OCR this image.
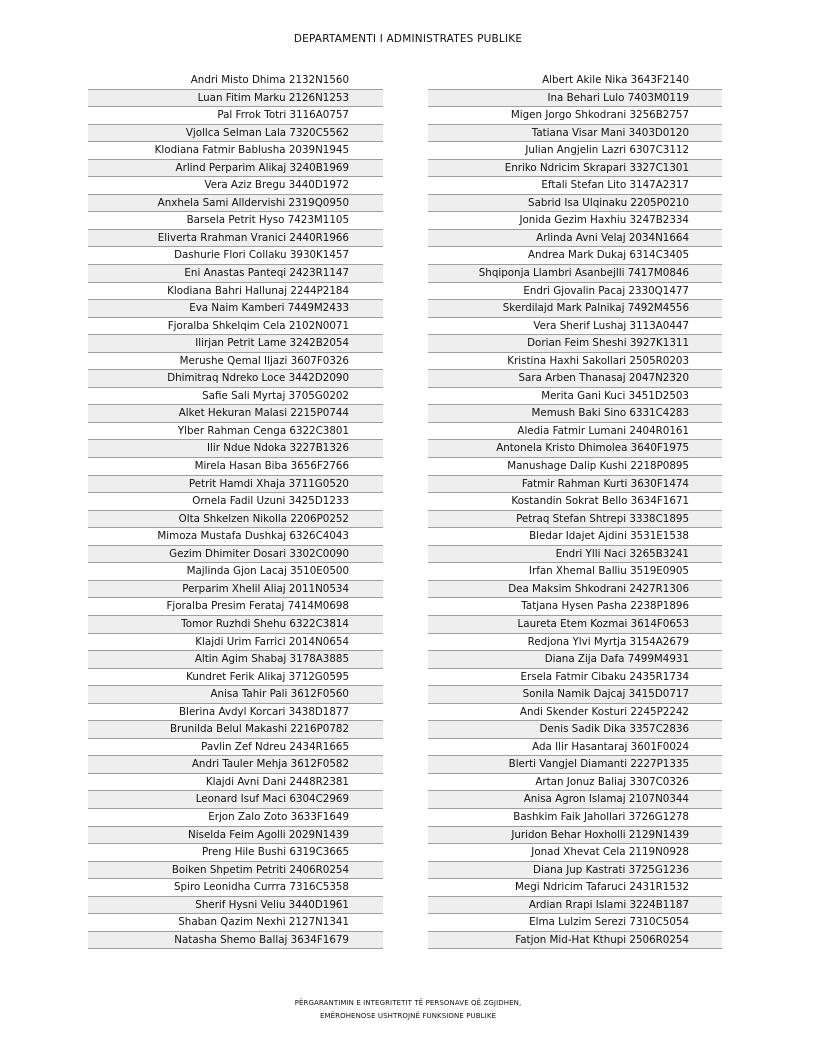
DEPARTAMENTI I ADMINISTRATES PUBLIKE
Andri Misto Dhima 2132N1560
Luan Fitim Marku 2126N1253
Pal Frrok Totri 3116A0757
Vjollca Selman Lala 7320C5562
Klodiana Fatmir Bablusha 2039N1945
Arlind Perparim Alikaj 3240B1969
Vera Aziz Bregu 3440D1972
Anxhela Sami Alldervishi 2319Q0950
Barsela Petrit Hyso 7423M1105
Eliverta Rrahman Vranici 2440R1966
Dashurie Flori Collaku 3930K1457
Eni Anastas Panteqi 2423R1147
Klodiana Bahri Hallunaj 2244P2184
Eva Naim Kamberi 7449M2433
Fjoralba Shkelqim Cela 2102N0071
Ilirjan Petrit Lame 3242B2054
Merushe Qemal Iljazi 3607F0326
Dhimitraq Ndreko Loce 3442D2090
Safie Sali Myrtaj 3705G0202
Alket Hekuran Malasi 2215P0744
Ylber Rahman Cenga 6322C3801
Ilir Ndue Ndoka 3227B1326
Mirela Hasan Biba 3656F2766
Petrit Hamdi Xhaja 3711G0520
Ornela Fadil Uzuni 3425D1233
Olta Shkelzen Nikolla 2206P0252
Mimoza Mustafa Dushkaj 6326C4043
Gezim Dhimiter Dosari 3302C0090
Majlinda Gjon Lacaj 3510E0500
Perparim Xhelil Aliaj 2011N0534
Fjoralba Presim Ferataj 7414M0698
Tomor Ruzhdi Shehu 6322C3814
Klajdi Urim Farrici 2014N0654
Altin Agim Shabaj 3178A3885
Kundret Ferik Alikaj 3712G0595
Anisa Tahir Pali 3612F0560
Blerina Avdyl Korcari 3438D1877
Brunilda Belul Makashi 2216P0782
Pavlin Zef Ndreu 2434R1665
Andri Tauler Mehja 3612F0582
Klajdi Avni Dani 2448R2381
Leonard Isuf Maci 6304C2969
Erjon Zalo Zoto 3633F1649
Niselda Feim Agolli 2029N1439
Preng Hile Bushi 6319C3665
Boiken Shpetim Petriti 2406R0254
Spiro Leonidha Currra 7316C5358
Sherif Hysni Veliu 3440D1961
Shaban Qazim Nexhi 2127N1341
Natasha Shemo Ballaj 3634F1679
Albert Akile Nika 3643F2140
Ina Behari Lulo 7403M0119
Migen Jorgo Shkodrani 3256B2757
Tatiana Visar Mani 3403D0120
Julian Angjelin Lazri 6307C3112
Enriko Ndricim Skrapari 3327C1301
Eftali Stefan Lito 3147A2317
Sabrid Isa Ulqinaku 2205P0210
Jonida Gezim Haxhiu 3247B2334
Arlinda Avni Velaj 2034N1664
Andrea Mark Dukaj 6314C3405
Shqiponja Llambri Asanbejlli 7417M0846
Endri Gjovalin Pacaj 2330Q1477
Skerdilajd Mark Palnikaj 7492M4556
Vera Sherif Lushaj 3113A0447
Dorian Feim Sheshi 3927K1311
Kristina Haxhi Sakollari 2505R0203
Sara Arben Thanasaj 2047N2320
Merita Gani Kuci 3451D2503
Memush Baki Sino 6331C4283
Aledia Fatmir Lumani 2404R0161
Antonela Kristo Dhimolea 3640F1975
Manushage Dalip Kushi 2218P0895
Fatmir Rahman Kurti 3630F1474
Kostandin Sokrat Bello 3634F1671
Petraq Stefan Shtrepi 3338C1895
Bledar Idajet Ajdini 3531E1538
Endri Ylli Naci 3265B3241
Irfan Xhemal Balliu 3519E0905
Dea Maksim Shkodrani 2427R1306
Tatjana Hysen Pasha 2238P1896
Laureta Etem Kozmai 3614F0653
Redjona Ylvi Myrtja 3154A2679
Diana Zija Dafa 7499M4931
Ersela Fatmir Cibaku 2435R1734
Sonila Namik Dajcaj 3415D0717
Andi Skender Kosturi 2245P2242
Denis Sadik Dika 3357C2836
Ada Ilir Hasantaraj 3601F0024
Blerti Vangjel Diamanti 2227P1335
Artan Jonuz Baliaj 3307C0326
Anisa Agron Islamaj 2107N0344
Bashkim Faik Jahollari 3726G1278
Juridon Behar Hoxholli 2129N1439
Jonad Xhevat Cela 2119N0928
Diana Jup Kastrati 3725G1236
Megi Ndricim Tafaruci 2431R1532
Ardian Rrapi Islami 3224B1187
Elma Lulzim Serezi 7310C5054
Fatjon Mid-Hat Kthupi 2506R0254
PËRGARANTIMIN E INTEGRITETIT TË PERSONAVE QË ZGJIDHEN,
EMËROHENOSE USHTROJNË FUNKSIONE PUBLIKE
